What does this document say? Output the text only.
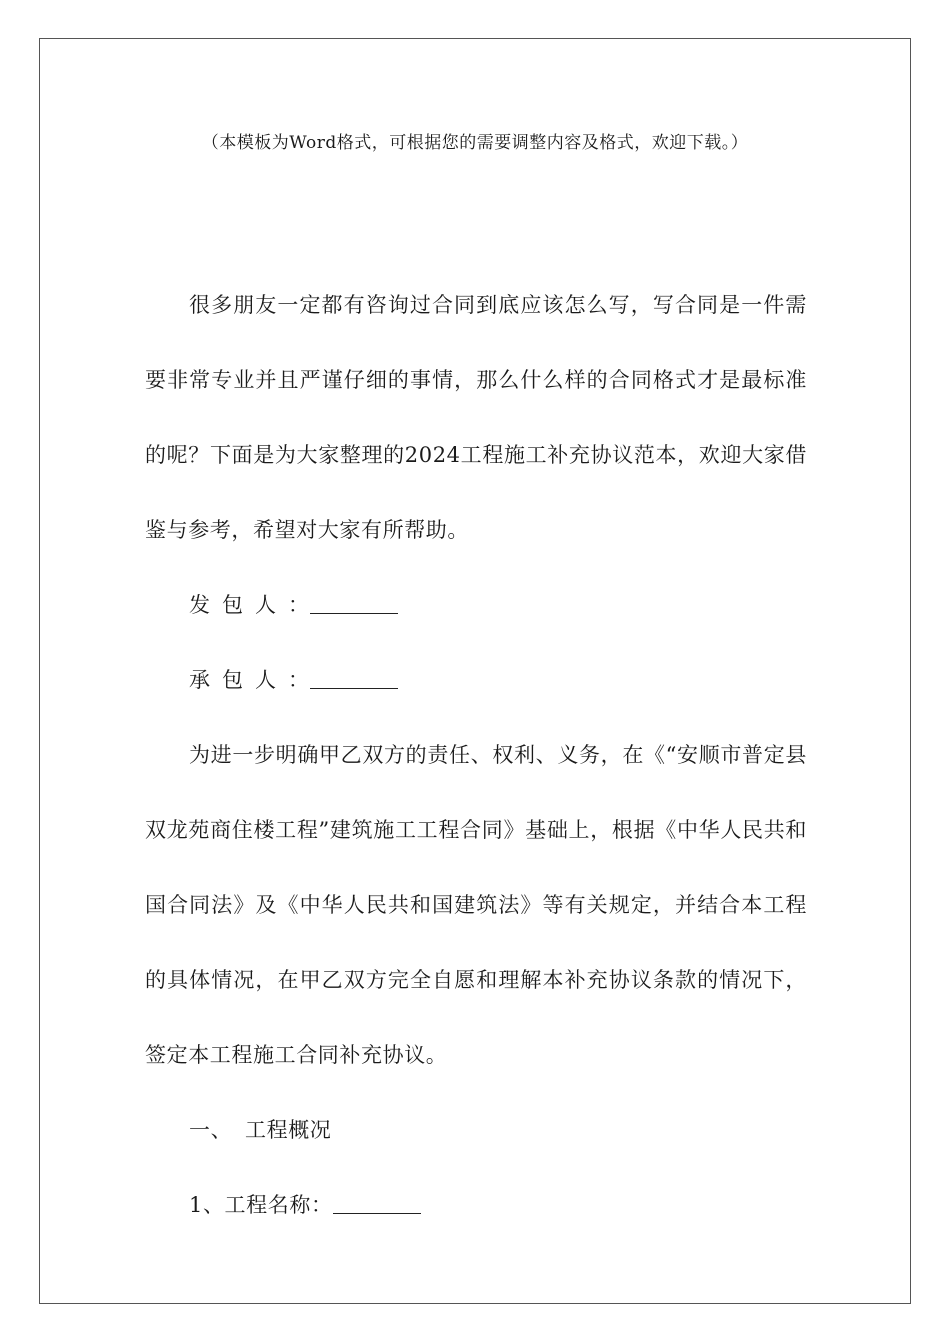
（本模板为Word格式，可根据您的需要调整内容及格式，欢迎下载。）

很多朋友一定都有咨询过合同到底应该怎么写，写合同是一件需要非常专业并且严谨仔细的事情，那么什么样的合同格式才是最标准的呢？下面是为大家整理的2024工程施工补充协议范本，欢迎大家借鉴与参考，希望对大家有所帮助。

发包人：

承包人：

为进一步明确甲乙双方的责任、权利、义务，在《“安顺市普定县双龙苑商住楼工程”建筑施工工程合同》基础上，根据《中华人民共和国合同法》及《中华人民共和国建筑法》等有关规定，并结合本工程的具体情况，在甲乙双方完全自愿和理解本补充协议条款的情况下，签定本工程施工合同补充协议。

一、 工程概况

1、工程名称：
